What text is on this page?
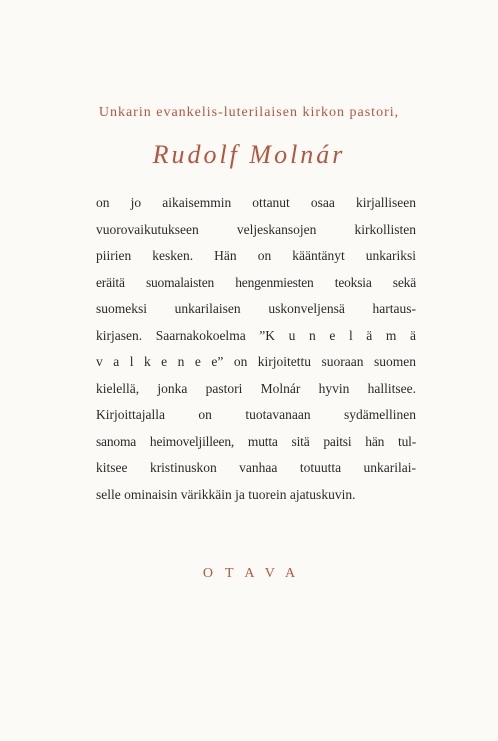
Unkarin evankelis-luterilaisen kirkon pastori,
Rudolf Molnár
on jo aikaisemmin ottanut osaa kirjalliseen
vuorovaikutukseen veljeskansojen kirkollisten
piirien kesken. Hän on kääntänyt unkariksi
eräitä suomalaisten hengenmiesten teoksia sekä
suomeksi unkarilaisen uskonveljensä hartaus-
kirjasen. Saarnakokoelma ”K u n e l ä m ä
v a l k e n e e” on kirjoitettu suoraan suomen
kielellä, jonka pastori Molnár hyvin hallitsee.
Kirjoittajalla on tuotavanaan sydämellinen
sanoma heimoveljilleen, mutta sitä paitsi hän tul-
kitsee kristinuskon vanhaa totuutta unkarilai-
selle ominaisin värikkäin ja tuorein ajatuskuvin.
OTAVA
